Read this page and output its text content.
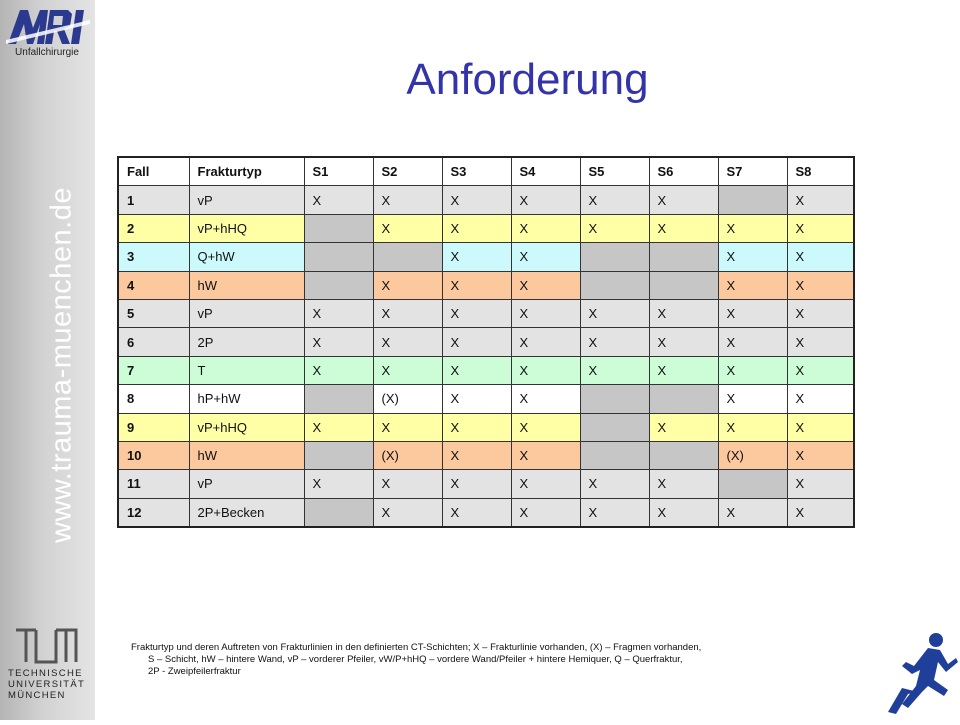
Unfallchirurgie
www.trauma-muenchen.de
TECHNISCHE
UNIVERSITÄT
MÜNCHEN
Anforderung
Fall	Frakturtyp	S1	S2	S3	S4	S5	S6	S7	S8
1	vP	X	X	X	X	X	X		X
2	vP+hHQ		X	X	X	X	X	X	X
3	Q+hW			X	X			X	X
4	hW		X	X	X			X	X
5	vP	X	X	X	X	X	X	X	X
6	2P	X	X	X	X	X	X	X	X
7	T	X	X	X	X	X	X	X	X
8	hP+hW		(X)	X	X			X	X
9	vP+hHQ	X	X	X	X		X	X	X
10	hW		(X)	X	X			(X)	X
11	vP	X	X	X	X	X	X		X
12	2P+Becken		X	X	X	X	X	X	X
Frakturtyp und deren Auftreten von Frakturlinien in den definierten CT-Schichten; X – Frakturlinie vorhanden, (X) – Fragmen vorhanden,
S – Schicht, hW – hintere Wand, vP – vorderer Pfeiler, vW/P+hHQ – vordere Wand/Pfeiler + hintere Hemiquer, Q – Querfraktur,
2P - Zweipfeilerfraktur
